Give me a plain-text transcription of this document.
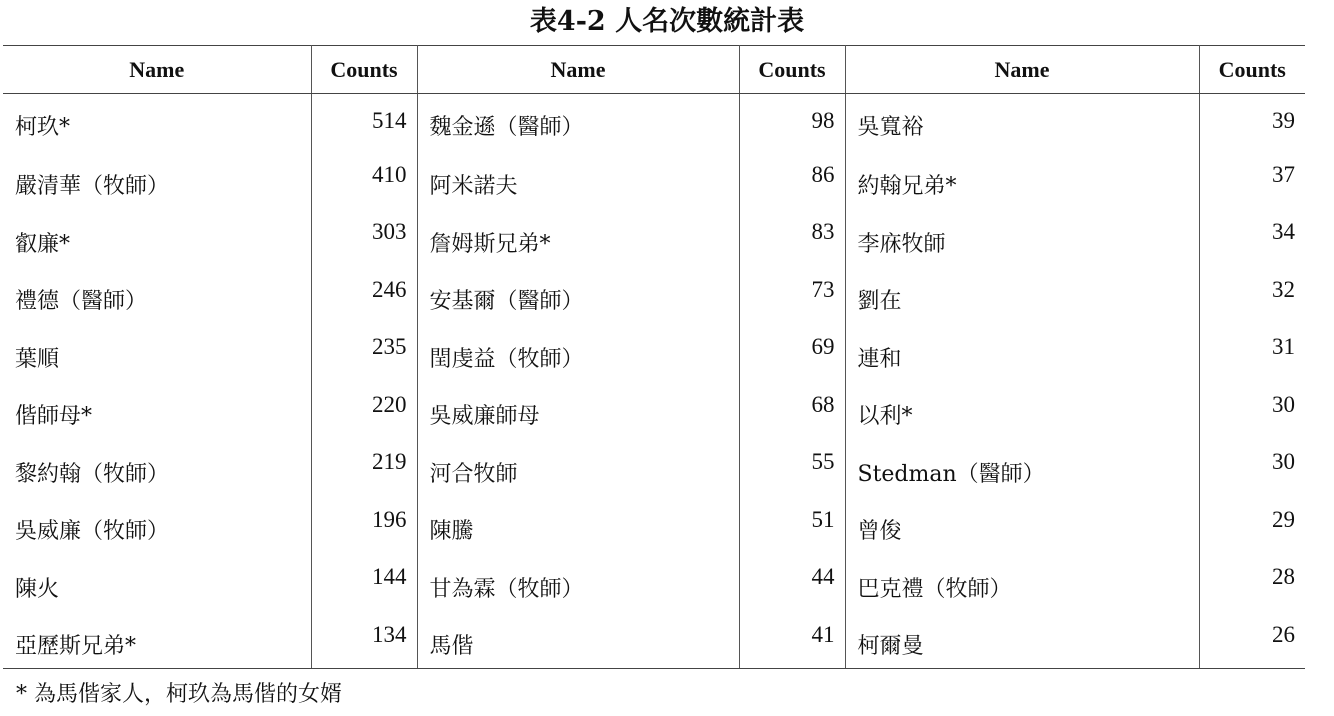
表4-2 人名次數統計表
Name	Counts	Name	Counts	Name	Counts
柯玖*	514	魏金遜（醫師）	98	吳寬裕	39
嚴清華（牧師）	410	阿米諾夫	86	約翰兄弟*	37
叡廉*	303	詹姆斯兄弟*	83	李庥牧師	34
禮德（醫師）	246	安基爾（醫師）	73	劉在	32
葉順	235	閏虔益（牧師）	69	連和	31
偕師母*	220	吳威廉師母	68	以利*	30
黎約翰（牧師）	219	河合牧師	55	Stedman（醫師）	30
吳威廉（牧師）	196	陳騰	51	曾俊	29
陳火	144	甘為霖（牧師）	44	巴克禮（牧師）	28
亞歷斯兄弟*	134	馬偕	41	柯爾曼	26
* 為馬偕家人，柯玖為馬偕的女婿
